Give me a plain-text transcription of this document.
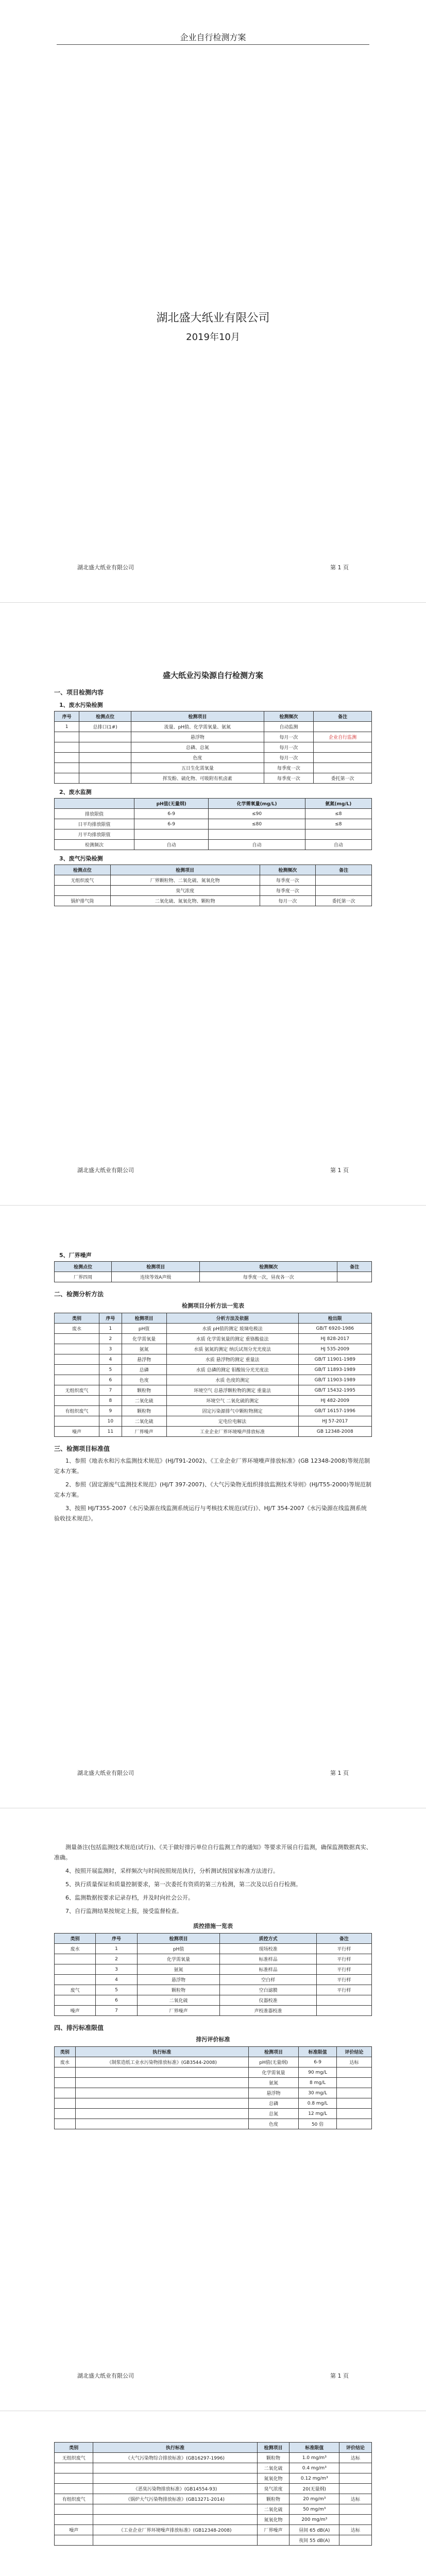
企业自行检测方案
湖北盛大纸业有限公司
2019年10月
湖北盛大纸业有限公司	第 1 页
盛大纸业污染源自行检测方案
一、项目检测内容
1、废水污染检测
序号	检测点位	检测项目	检测频次	备注
1	总排口(1#)	流量、pH值、化学需氧量、氨氮	自动监测	
		悬浮物	每月一次	企业自行监测
		总磷、总氮	每月一次	
		色度	每月一次	
		五日生化需氧量	每季度一次	
		挥发酚、硫化物、可吸附有机卤素	每季度一次	委托第一次
2、废水监测
	pH值(无量纲)	化学需氧量(mg/L)	氨氮(mg/L)
排放限值	6-9	≤90	≤8
日平均排放限值	6-9	≤80	≤8
月平均排放限值			
检测频次	自动	自动	自动
3、废气污染检测
检测点位	检测项目	检测频次	备注
无组织废气	厂界颗粒物、二氧化硫、氮氧化物	每季度一次	
	臭气浓度	每季度一次	
锅炉排气筒	二氧化硫、氮氧化物、颗粒物	每月一次	委托第一次
湖北盛大纸业有限公司	第 1 页
5、厂界噪声
检测点位	检测项目	检测频次	备注
厂界四周	连续等效A声级	每季度一次，昼夜各一次	
二、检测分析方法
检测项目分析方法一览表
类别	序号	检测项目	分析方法及依据	检出限
废水	1	pH值	水质 pH值的测定 玻璃电极法	GB/T 6920-1986
	2	化学需氧量	水质 化学需氧量的测定 重铬酸盐法	HJ 828-2017
	3	氨氮	水质 氨氮的测定 纳氏试剂分光光度法	HJ 535-2009
	4	悬浮物	水质 悬浮物的测定 重量法	GB/T 11901-1989
	5	总磷	水质 总磷的测定 钼酸铵分光光度法	GB/T 11893-1989
	6	色度	水质 色度的测定	GB/T 11903-1989
无组织废气	7	颗粒物	环境空气 总悬浮颗粒物的测定 重量法	GB/T 15432-1995
	8	二氧化硫	环境空气 二氧化硫的测定	HJ 482-2009
有组织废气	9	颗粒物	固定污染源排气中颗粒物测定	GB/T 16157-1996
	10	二氧化硫	定电位电解法	HJ 57-2017
噪声	11	厂界噪声	工业企业厂界环境噪声排放标准	GB 12348-2008
三、检测项目标准值
1、参照《地表水和污水监测技术规范》(HJ/T91-2002)、《工业企业厂界环境噪声排放标准》(GB 12348-2008)等规范制定本方案。
2、参照《固定源废气监测技术规范》(HJ/T 397-2007)、《大气污染物无组织排放监测技术导则》(HJ/T55-2000)等规范制定本方案。
3、按照 HJ/T355-2007《水污染源在线监测系统运行与考核技术规范(试行)》、HJ/T 354-2007《水污染源在线监测系统验收技术规范》。
湖北盛大纸业有限公司	第 1 页
测量备注(包括监测技术规范(试行))、《关于做好排污单位自行监测工作的通知》等要求开展自行监测，确保监测数据真实、准确。
4、按照开展监测时，采样频次与时间按照规范执行，分析测试按国家标准方法进行。
5、执行质量保证和质量控制要求，第一次委托有资质的第三方检测，第二次及以后自行检测。
6、监测数据按要求记录存档，并及时向社会公开。
7、自行监测结果按规定上报，接受监督检查。
质控措施一览表
类别	序号	检测项目	质控方式	备注
废水	1	pH值	现场校准	平行样
	2	化学需氧量	标准样品	平行样
	3	氨氮	标准样品	平行样
	4	悬浮物	空白样	平行样
废气	5	颗粒物	空白滤膜	平行样
	6	二氧化硫	仪器校准	
噪声	7	厂界噪声	声校准器校准	
四、排污标准限值
排污评价标准
类别	执行标准	检测项目	标准限值	评价结论
废水	《制浆造纸工业水污染物排放标准》(GB3544-2008)	pH值(无量纲)	6-9	达标
		化学需氧量	90 mg/L	
		氨氮	8 mg/L	
		悬浮物	30 mg/L	
		总磷	0.8 mg/L	
		总氮	12 mg/L	
		色度	50 倍	
湖北盛大纸业有限公司	第 1 页
类别	执行标准	检测项目	标准限值	评价结论
无组织废气	《大气污染物综合排放标准》(GB16297-1996)	颗粒物	1.0 mg/m³	达标
		二氧化硫	0.4 mg/m³	
		氮氧化物	0.12 mg/m³	
	《恶臭污染物排放标准》(GB14554-93)	臭气浓度	20(无量纲)	
有组织废气	《锅炉大气污染物排放标准》(GB13271-2014)	颗粒物	20 mg/m³	达标
		二氧化硫	50 mg/m³	
		氮氧化物	200 mg/m³	
噪声	《工业企业厂界环境噪声排放标准》(GB12348-2008)	厂界噪声	昼间 65 dB(A)	达标
			夜间 55 dB(A)	
